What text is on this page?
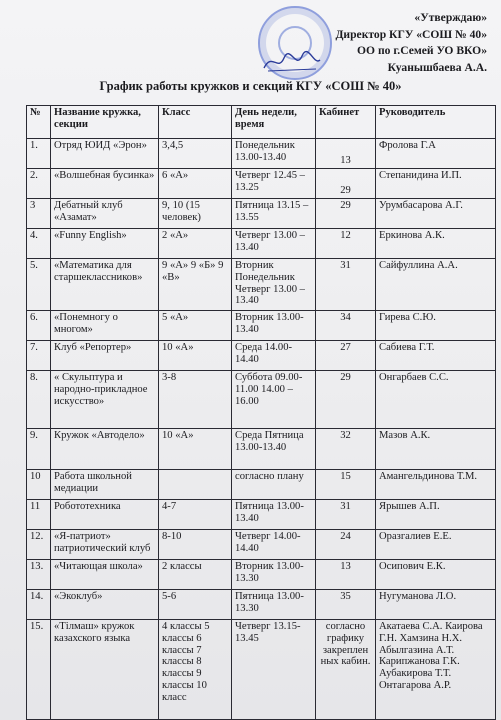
«Утверждаю»
Директор КГУ «СОШ № 40»
ОО по г.Семей УО ВКО»
Куанышбаева А.А.
График работы кружков и секций КГУ «СОШ № 40»
№	Название кружка, секции	Класс	День недели, время	Кабинет	Руководитель
1.	Отряд ЮИД «Эрон»	3,4,5	Понедельник 13.00-13.40	13	Фролова Г.А
2.	«Волшебная бусинка»	6 «А»	Четверг 12.45 – 13.25	29	Степанидина И.П.
3	Дебатный клуб «Азамат»	9, 10 (15 человек)	Пятница 13.15 – 13.55	29	Урумбасарова А.Г.
4.	«Funny English»	2 «А»	Четверг 13.00 – 13.40	12	Еркинова А.К.
5.	«Математика для старшеклассников»	9 «А» 9 «Б» 9 «В»	Вторник Понедельник Четверг 13.00 – 13.40	31	Сайфуллина А.А.
6.	«Понемногу о многом»	5 «А»	Вторник 13.00-13.40	34	Гирева С.Ю.
7.	Клуб «Репортер»	10 «А»	Среда 14.00-14.40	27	Сабиева Г.Т.
8.	« Скульптура и народно-прикладное искусство»	3-8	Суббота 09.00-11.00 14.00 – 16.00	29	Онгарбаев С.С.
9.	Кружок «Автодело»	10 «А»	Среда Пятница 13.00-13.40	32	Мазов А.К.
10	Работа школьной медиации		согласно плану	15	Амангельдинова Т.М.
11	Робототехника	4-7	Пятница 13.00-13.40	31	Ярышев А.П.
12.	«Я-патриот» патриотический клуб	8-10	Четверг 14.00-14.40	24	Оразгалиев Е.Е.
13.	«Читающая школа»	2 классы	Вторник 13.00-13.30	13	Осипович Е.К.
14.	«Экоклуб»	5-6	Пятница 13.00-13.30	35	Нугуманова Л.О.
15.	«Тілмаш» кружок казахского языка	4 классы 5 классы 6 классы 7 классы 8 классы 9 классы 10 класс	Четверг 13.15-13.45	согласно графику закреплен ных кабин.	Акатаева С.А. Каирова Г.Н. Хамзина Н.Х. Абылгазина А.Т. Карипжанова Г.К. Аубакирова Т.Т. Онтагарова А.Р.
